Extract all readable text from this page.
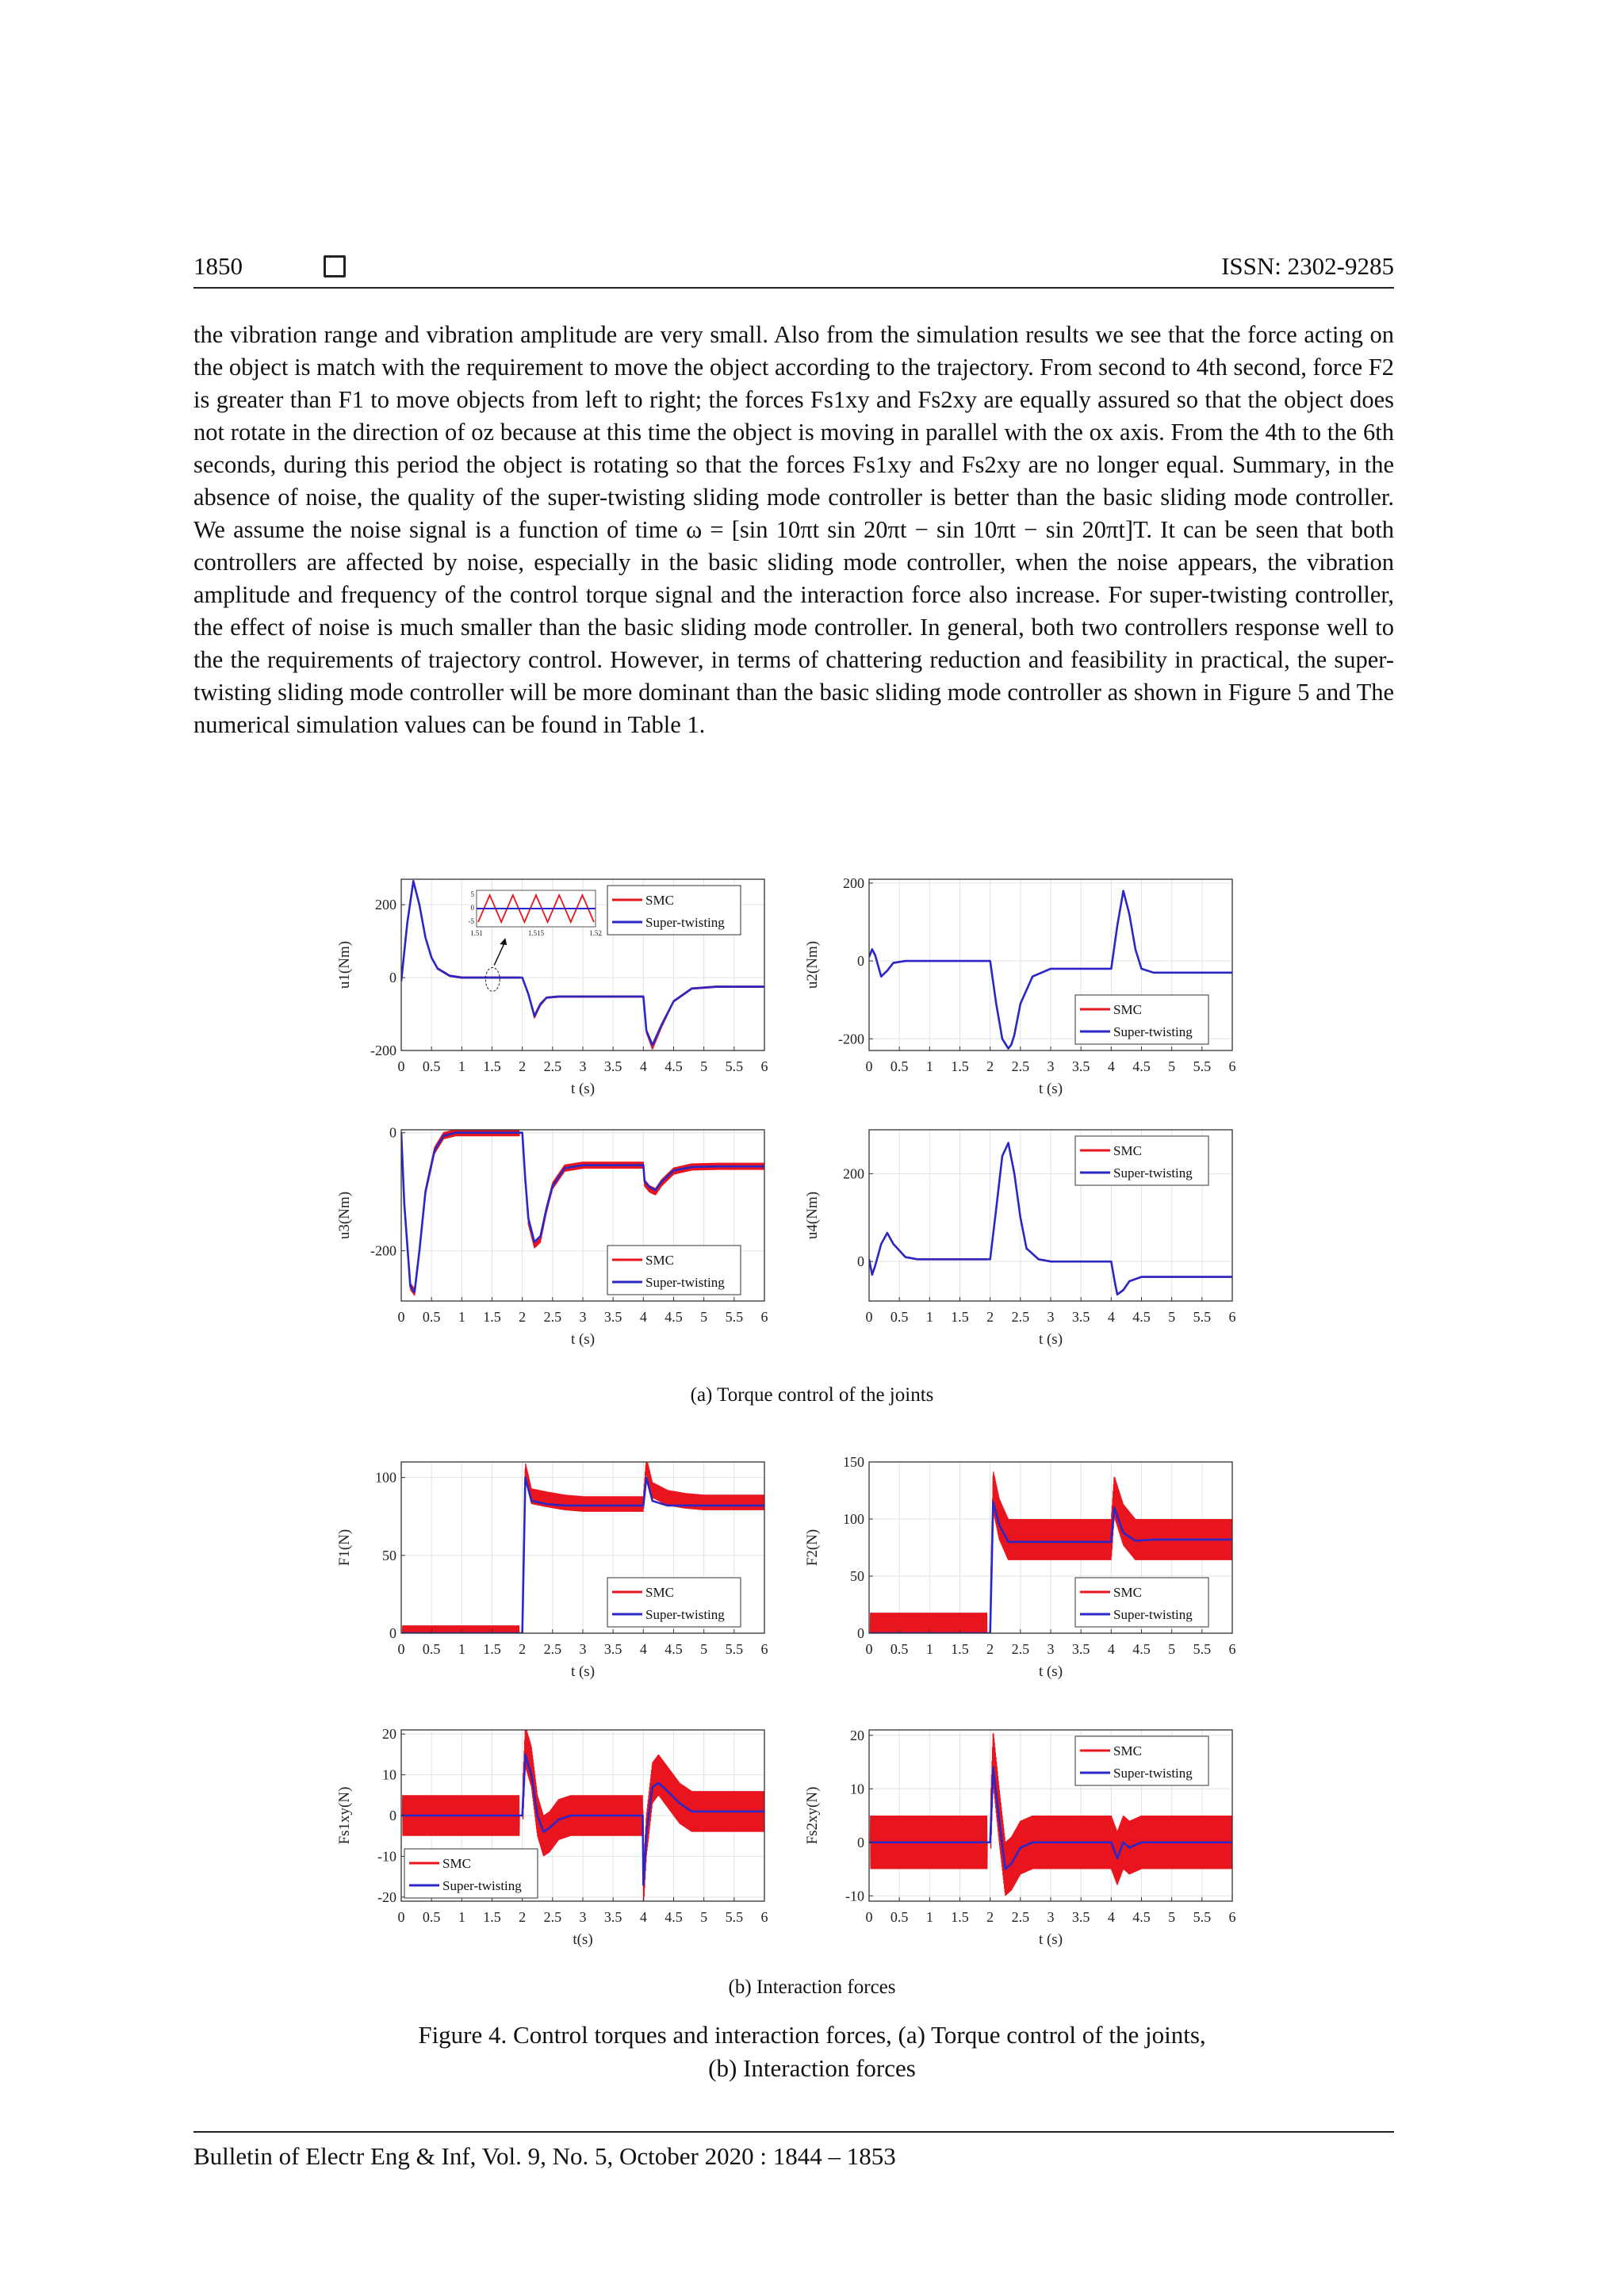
1850	ISSN: 2302-9285

the vibration range and vibration amplitude are very small. Also from the simulation results we see that the force acting on the object is match with the requirement to move the object according to the trajectory. From second to 4th second, force F2 is greater than F1 to move objects from left to right; the forces Fs1xy and Fs2xy are equally assured so that the object does not rotate in the direction of oz because at this time the object is moving in parallel with the ox axis. From the 4th to the 6th seconds, during this period the object is rotating so that the forces Fs1xy and Fs2xy are no longer equal. Summary, in the absence of noise, the quality of the super-twisting sliding mode controller is better than the basic sliding mode controller. We assume the noise signal is a function of time ω = [sin 10πt sin 20πt − sin 10πt − sin 20πt]T. It can be seen that both controllers are affected by noise, especially in the basic sliding mode controller, when the noise appears, the vibration amplitude and frequency of the control torque signal and the interaction force also increase. For super-twisting controller, the effect of noise is much smaller than the basic sliding mode controller. In general, both two controllers response well to the the requirements of trajectory control. However, in terms of chattering reduction and feasibility in practical, the super-twisting sliding mode controller will be more dominant than the basic sliding mode controller as shown in Figure 5 and The numerical simulation values can be found in Table 1.

0 0.5 1 1.5 2 2.5 3 3.5 4 4.5 5 5.5 6
-200
0
200
t (s)
u1(Nm)
SMC
Super-twisting
5
0
-5
1.51	1.515	1.52
0 0.5 1 1.5 2 2.5 3 3.5 4 4.5 5 5.5 6
-200
0
200
t (s)
u2(Nm)
SMC
Super-twisting
0 0.5 1 1.5 2 2.5 3 3.5 4 4.5 5 5.5 6
-200
0
t (s)
u3(Nm)
SMC
Super-twisting
0 0.5 1 1.5 2 2.5 3 3.5 4 4.5 5 5.5 6
0
200
t (s)
u4(Nm)
SMC
Super-twisting
(a) Torque control of the joints
0 0.5 1 1.5 2 2.5 3 3.5 4 4.5 5 5.5 6
0
50
100
t (s)
F1(N)
SMC
Super-twisting
0 0.5 1 1.5 2 2.5 3 3.5 4 4.5 5 5.5 6
0
50
100
150
t (s)
F2(N)
SMC
Super-twisting
0 0.5 1 1.5 2 2.5 3 3.5 4 4.5 5 5.5 6
-20
-10
0
10
20
t(s)
Fs1xy(N)
SMC
Super-twisting
0 0.5 1 1.5 2 2.5 3 3.5 4 4.5 5 5.5 6
-10
0
10
20
t (s)
Fs2xy(N)
SMC
Super-twisting
(b) Interaction forces
Figure 4. Control torques and interaction forces, (a) Torque control of the joints,
(b) Interaction forces
Bulletin of Electr Eng & Inf, Vol. 9, No. 5, October 2020 : 1844 – 1853
